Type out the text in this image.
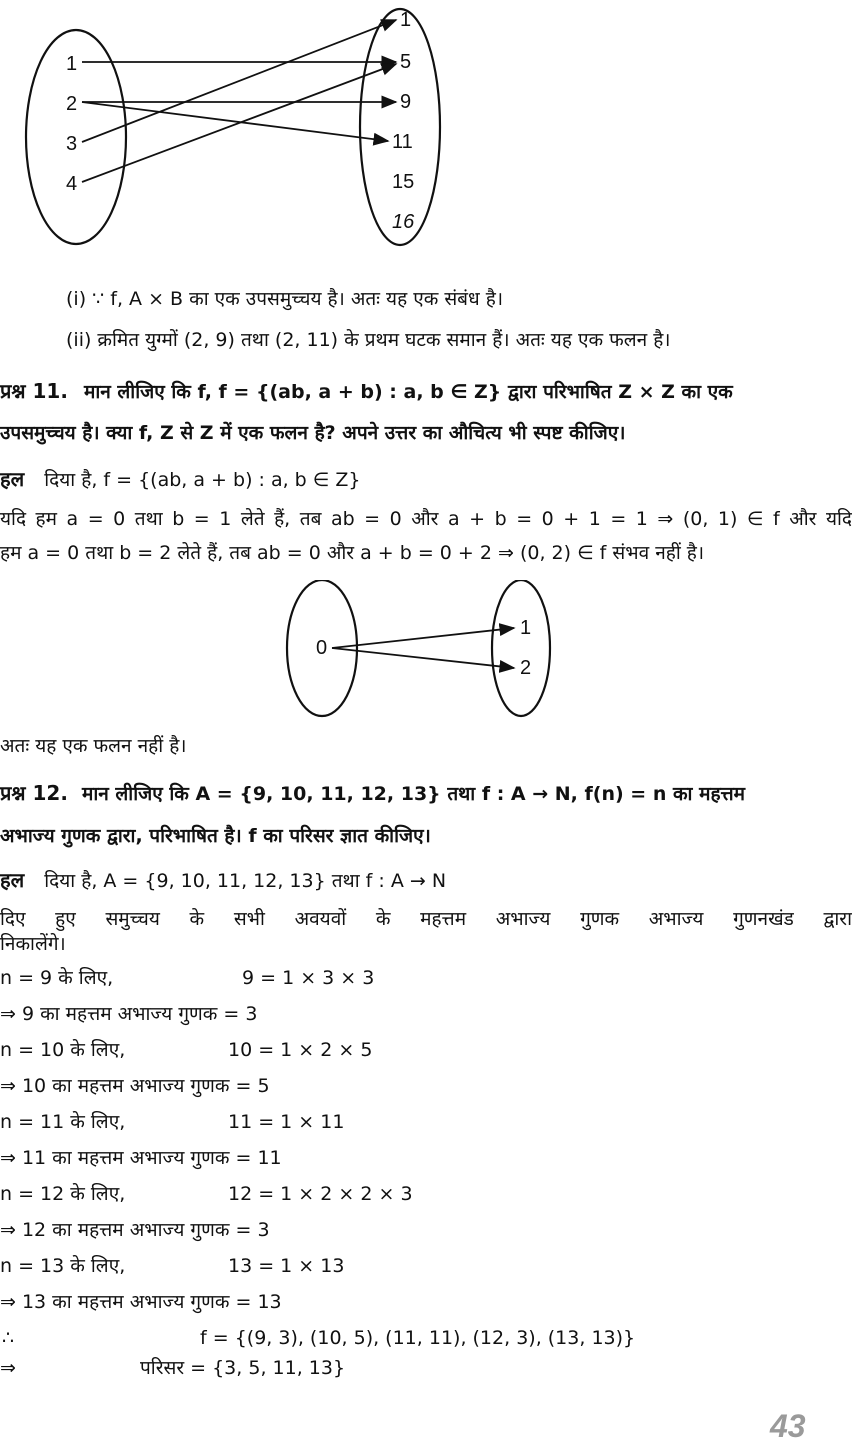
1
2
3
4
1
5
9
11
15
16
(i) ∵ f, A × B का एक उपसमुच्चय है। अतः यह एक संबंध है।
(ii) क्रमित युग्मों (2, 9) तथा (2, 11) के प्रथम घटक समान हैं। अतः यह एक फलन है।
प्रश्न 11. मान लीजिए कि f, f = {(ab, a + b) : a, b ∈ Z} द्वारा परिभाषित Z × Z का एक
उपसमुच्चय है। क्या f, Z से Z में एक फलन है? अपने उत्तर का औचित्य भी स्पष्ट कीजिए।
हल दिया है, f = {(ab, a + b) : a, b ∈ Z}
यदि हम a = 0 तथा b = 1 लेते हैं, तब ab = 0 और a + b = 0 + 1 = 1 ⇒ (0, 1) ∈ f और यदि
हम a = 0 तथा b = 2 लेते हैं, तब ab = 0 और a + b = 0 + 2 ⇒ (0, 2) ∈ f संभव नहीं है।
0
1
2
अतः यह एक फलन नहीं है।
प्रश्न 12. मान लीजिए कि A = {9, 10, 11, 12, 13} तथा f : A → N, f(n) = n का महत्तम
अभाज्य गुणक द्वारा, परिभाषित है। f का परिसर ज्ञात कीजिए।
हल दिया है, A = {9, 10, 11, 12, 13} तथा f : A → N
दिए हुए समुच्चय के सभी अवयवों के महत्तम अभाज्य गुणक अभाज्य गुणनखंड द्वारा
निकालेंगे।
n = 9 के लिए,	9 = 1 × 3 × 3
⇒ 9 का महत्तम अभाज्य गुणक = 3
n = 10 के लिए,	10 = 1 × 2 × 5
⇒ 10 का महत्तम अभाज्य गुणक = 5
n = 11 के लिए,	11 = 1 × 11
⇒ 11 का महत्तम अभाज्य गुणक = 11
n = 12 के लिए,	12 = 1 × 2 × 2 × 3
⇒ 12 का महत्तम अभाज्य गुणक = 3
n = 13 के लिए,	13 = 1 × 13
⇒ 13 का महत्तम अभाज्य गुणक = 13
∴	f = {(9, 3), (10, 5), (11, 11), (12, 3), (13, 13)}
⇒	परिसर = {3, 5, 11, 13}
43
